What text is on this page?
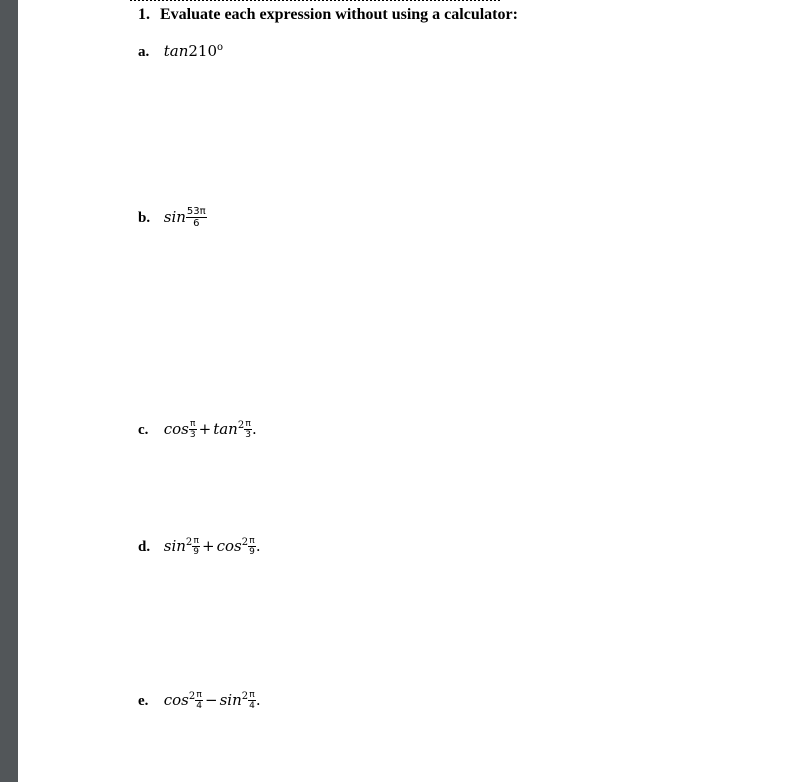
1. Evaluate each expression without using a calculator:
a. tan210$^o$
b. $\sin \frac{53\pi}{6}$
c. $\cos \frac{\pi}{3} + \tan^2 \frac{\pi}{3}$ .
d. $\sin^2 \frac{\pi}{9} + \cos^2 \frac{\pi}{9}$ .
e. $\cos^2 \frac{\pi}{4} - \sin^2 \frac{\pi}{4}$ .
